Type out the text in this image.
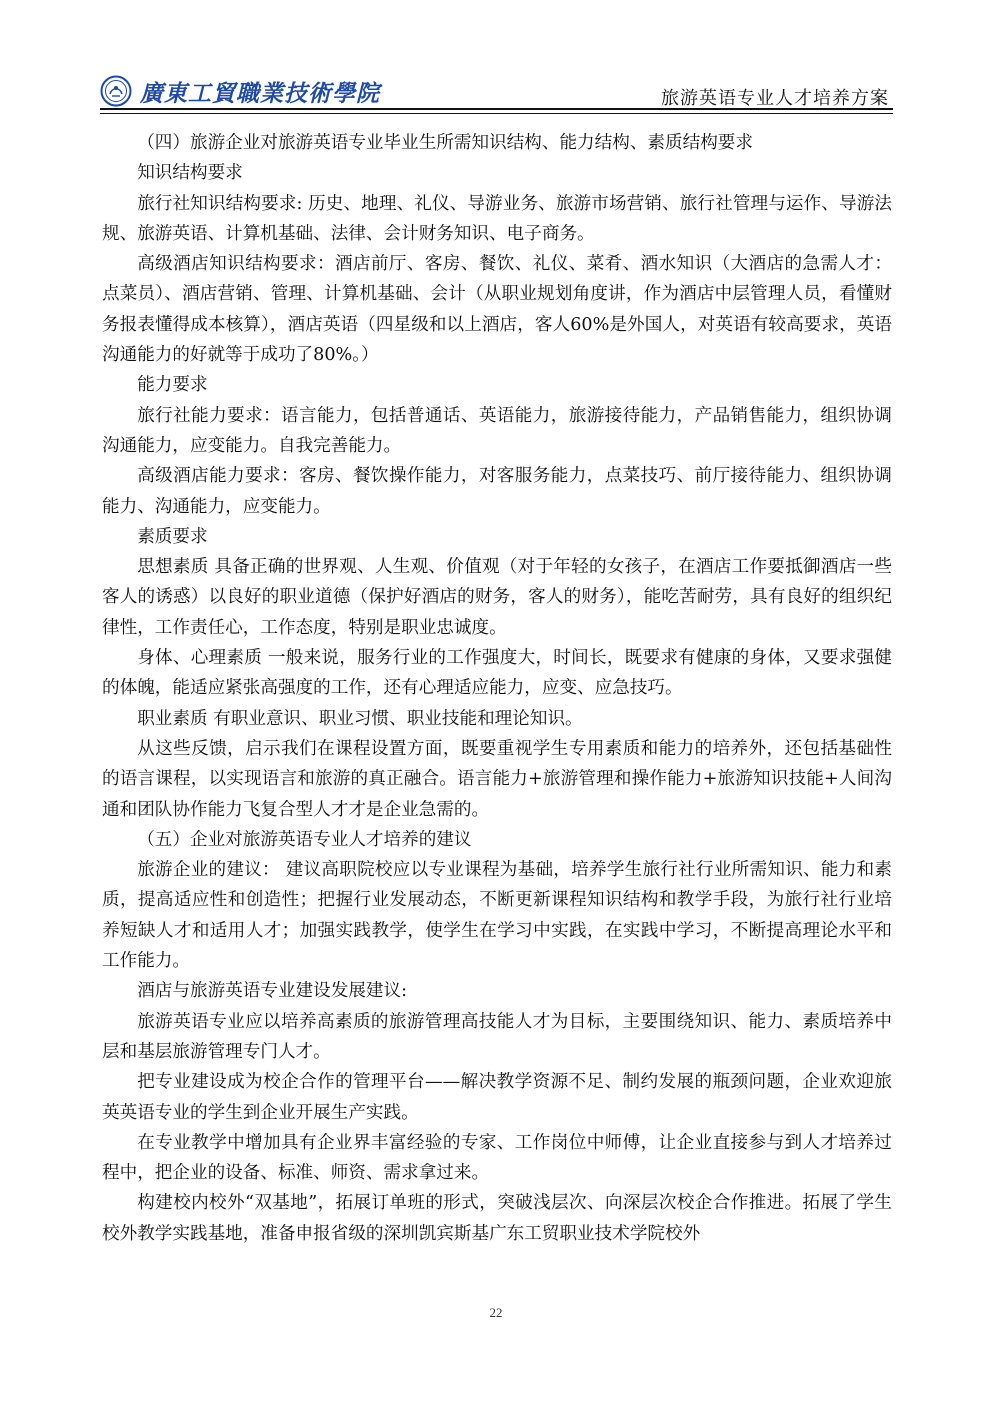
廣東工貿職業技術學院	旅游英语专业人才培养方案

（四）旅游企业对旅游英语专业毕业生所需知识结构、能力结构、素质结构要求

知识结构要求

旅行社知识结构要求: 历史、地理、礼仪、导游业务、旅游市场营销、旅行社管理与运作、导游法规、旅游英语、计算机基础、法律、会计财务知识、电子商务。

高级酒店知识结构要求：酒店前厅、客房、餐饮、礼仪、菜肴、酒水知识（大酒店的急需人才：点菜员）、酒店营销、管理、计算机基础、会计（从职业规划角度讲，作为酒店中层管理人员，看懂财务报表懂得成本核算），酒店英语（四星级和以上酒店，客人60%是外国人，对英语有较高要求，英语沟通能力的好就等于成功了80%。）

能力要求

旅行社能力要求：语言能力，包括普通话、英语能力，旅游接待能力，产品销售能力，组织协调沟通能力，应变能力。自我完善能力。

高级酒店能力要求：客房、餐饮操作能力，对客服务能力，点菜技巧、前厅接待能力、组织协调能力、沟通能力，应变能力。

素质要求

思想素质 具备正确的世界观、人生观、价值观（对于年轻的女孩子，在酒店工作要抵御酒店一些客人的诱惑）以良好的职业道德（保护好酒店的财务，客人的财务），能吃苦耐劳，具有良好的组织纪律性，工作责任心，工作态度，特别是职业忠诚度。

身体、心理素质 一般来说，服务行业的工作强度大，时间长，既要求有健康的身体，又要求强健的体魄，能适应紧张高强度的工作，还有心理适应能力，应变、应急技巧。

职业素质 有职业意识、职业习惯、职业技能和理论知识。

从这些反馈，启示我们在课程设置方面，既要重视学生专用素质和能力的培养外，还包括基础性的语言课程，以实现语言和旅游的真正融合。语言能力+旅游管理和操作能力+旅游知识技能+人间沟通和团队协作能力飞复合型人才才是企业急需的。

（五）企业对旅游英语专业人才培养的建议

旅游企业的建议： 建议高职院校应以专业课程为基础，培养学生旅行社行业所需知识、能力和素质，提高适应性和创造性；把握行业发展动态，不断更新课程知识结构和教学手段，为旅行社行业培养短缺人才和适用人才；加强实践教学，使学生在学习中实践，在实践中学习，不断提高理论水平和工作能力。

酒店与旅游英语专业建设发展建议:

旅游英语专业应以培养高素质的旅游管理高技能人才为目标，主要围绕知识、能力、素质培养中层和基层旅游管理专门人才。

把专业建设成为校企合作的管理平台——解决教学资源不足、制约发展的瓶颈问题，企业欢迎旅英英语专业的学生到企业开展生产实践。

在专业教学中增加具有企业界丰富经验的专家、工作岗位中师傅，让企业直接参与到人才培养过程中，把企业的设备、标准、师资、需求拿过来。

构建校内校外“双基地”，拓展订单班的形式，突破浅层次、向深层次校企合作推进。拓展了学生校外教学实践基地，准备申报省级的深圳凯宾斯基广东工贸职业技术学院校外

22
